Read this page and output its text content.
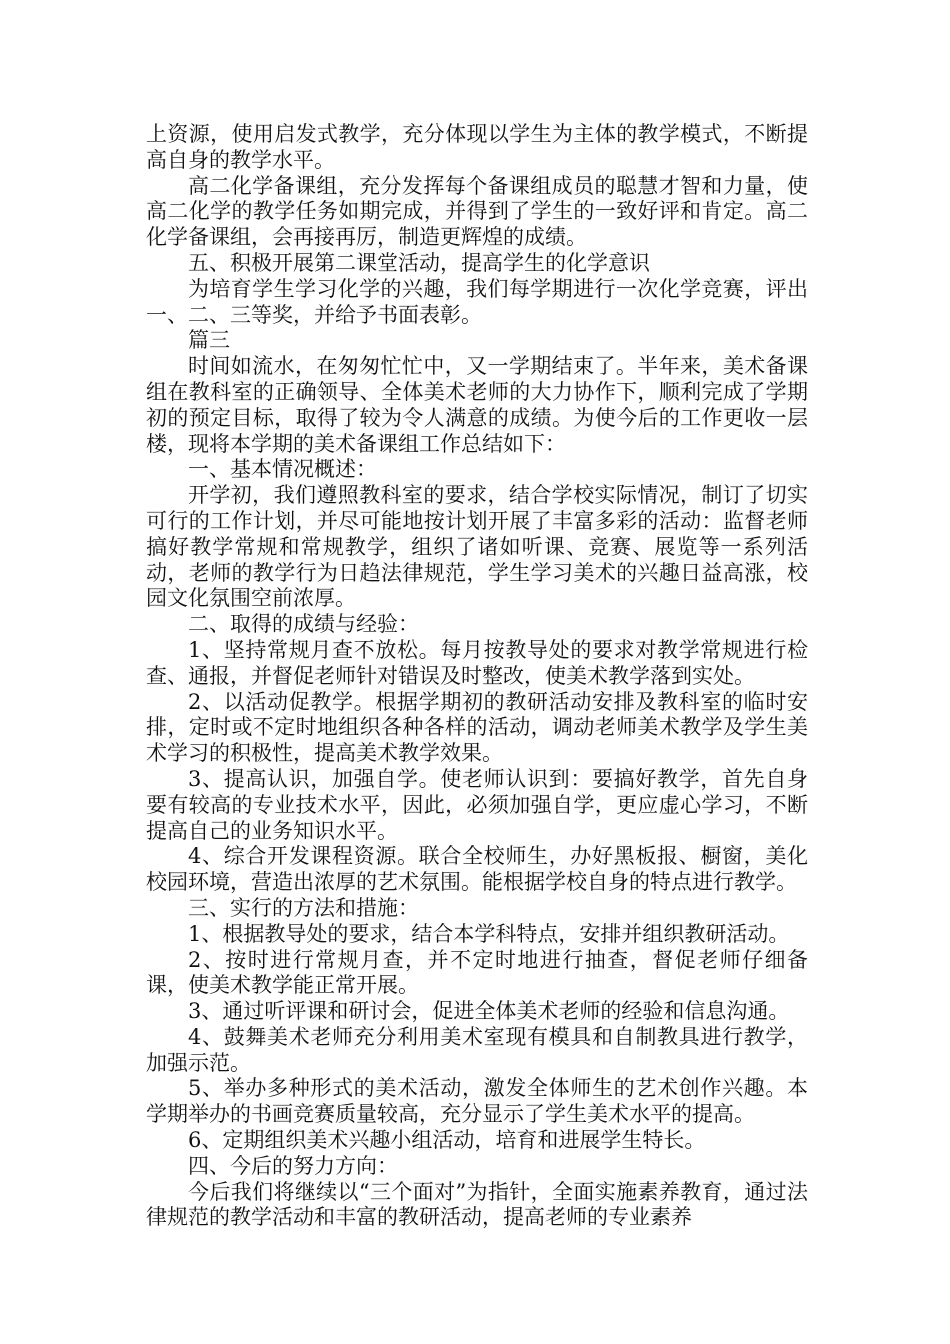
上资源，使用启发式教学，充分体现以学生为主体的教学模式，不断提高自身的教学水平。

高二化学备课组，充分发挥每个备课组成员的聪慧才智和力量，使高二化学的教学任务如期完成，并得到了学生的一致好评和肯定。高二化学备课组，会再接再厉，制造更辉煌的成绩。

五、积极开展第二课堂活动，提高学生的化学意识

为培育学生学习化学的兴趣，我们每学期进行一次化学竞赛，评出一、二、三等奖，并给予书面表彰。

篇三

时间如流水，在匆匆忙忙中，又一学期结束了。半年来，美术备课组在教科室的正确领导、全体美术老师的大力协作下，顺利完成了学期初的预定目标，取得了较为令人满意的成绩。为使今后的工作更收一层楼，现将本学期的美术备课组工作总结如下：

一、基本情况概述：

开学初，我们遵照教科室的要求，结合学校实际情况，制订了切实可行的工作计划，并尽可能地按计划开展了丰富多彩的活动：监督老师搞好教学常规和常规教学，组织了诸如听课、竞赛、展览等一系列活动，老师的教学行为日趋法律规范，学生学习美术的兴趣日益高涨，校园文化氛围空前浓厚。

二、取得的成绩与经验：

1、坚持常规月查不放松。每月按教导处的要求对教学常规进行检查、通报，并督促老师针对错误及时整改，使美术教学落到实处。

2、以活动促教学。根据学期初的教研活动安排及教科室的临时安排，定时或不定时地组织各种各样的活动，调动老师美术教学及学生美术学习的积极性，提高美术教学效果。

3、提高认识，加强自学。使老师认识到：要搞好教学，首先自身要有较高的专业技术水平，因此，必须加强自学，更应虚心学习，不断提高自己的业务知识水平。

4、综合开发课程资源。联合全校师生，办好黑板报、橱窗，美化校园环境，营造出浓厚的艺术氛围。能根据学校自身的特点进行教学。

三、实行的方法和措施：

1、根据教导处的要求，结合本学科特点，安排并组织教研活动。

2、按时进行常规月查，并不定时地进行抽查，督促老师仔细备课，使美术教学能正常开展。

3、通过听评课和研讨会，促进全体美术老师的经验和信息沟通。

4、鼓舞美术老师充分利用美术室现有模具和自制教具进行教学，加强示范。

5、举办多种形式的美术活动，激发全体师生的艺术创作兴趣。本学期举办的书画竞赛质量较高，充分显示了学生美术水平的提高。

6、定期组织美术兴趣小组活动，培育和进展学生特长。

四、今后的努力方向：

今后我们将继续以“三个面对”为指针，全面实施素养教育，通过法律规范的教学活动和丰富的教研活动，提高老师的专业素养
